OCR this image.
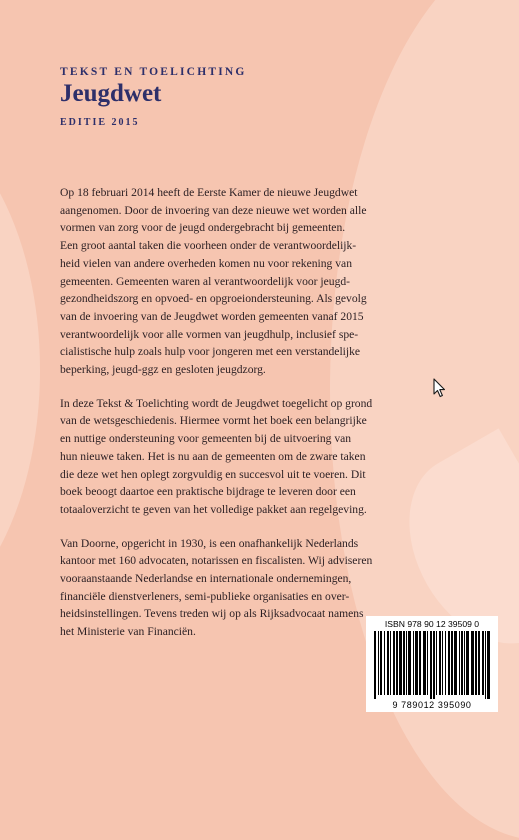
TEKST EN TOELICHTING
Jeugdwet
EDITIE 2015

Op 18 februari 2014 heeft de Eerste Kamer de nieuwe Jeugdwet
aangenomen. Door de invoering van deze nieuwe wet worden alle
vormen van zorg voor de jeugd ondergebracht bij gemeenten.
Een groot aantal taken die voorheen onder de verantwoordelijk-
heid vielen van andere overheden komen nu voor rekening van
gemeenten. Gemeenten waren al verantwoordelijk voor jeugd-
gezondheidszorg en opvoed- en opgroeiondersteuning. Als gevolg
van de invoering van de Jeugdwet worden gemeenten vanaf 2015
verantwoordelijk voor alle vormen van jeugdhulp, inclusief spe-
cialistische hulp zoals hulp voor jongeren met een verstandelijke
beperking, jeugd-ggz en gesloten jeugdzorg.

In deze Tekst & Toelichting wordt de Jeugdwet toegelicht op grond
van de wetsgeschiedenis. Hiermee vormt het boek een belangrijke
en nuttige ondersteuning voor gemeenten bij de uitvoering van
hun nieuwe taken. Het is nu aan de gemeenten om de zware taken
die deze wet hen oplegt zorgvuldig en succesvol uit te voeren. Dit
boek beoogt daartoe een praktische bijdrage te leveren door een
totaaloverzicht te geven van het volledige pakket aan regelgeving.

Van Doorne, opgericht in 1930, is een onafhankelijk Nederlands
kantoor met 160 advocaten, notarissen en fiscalisten. Wij adviseren
vooraanstaande Nederlandse en internationale ondernemingen,
financiële dienstverleners, semi-publieke organisaties en over-
heidsinstellingen. Tevens treden wij op als Rijksadvocaat namens
het Ministerie van Financiën.

ISBN 978 90 12 39509 0
9 789012 395090
